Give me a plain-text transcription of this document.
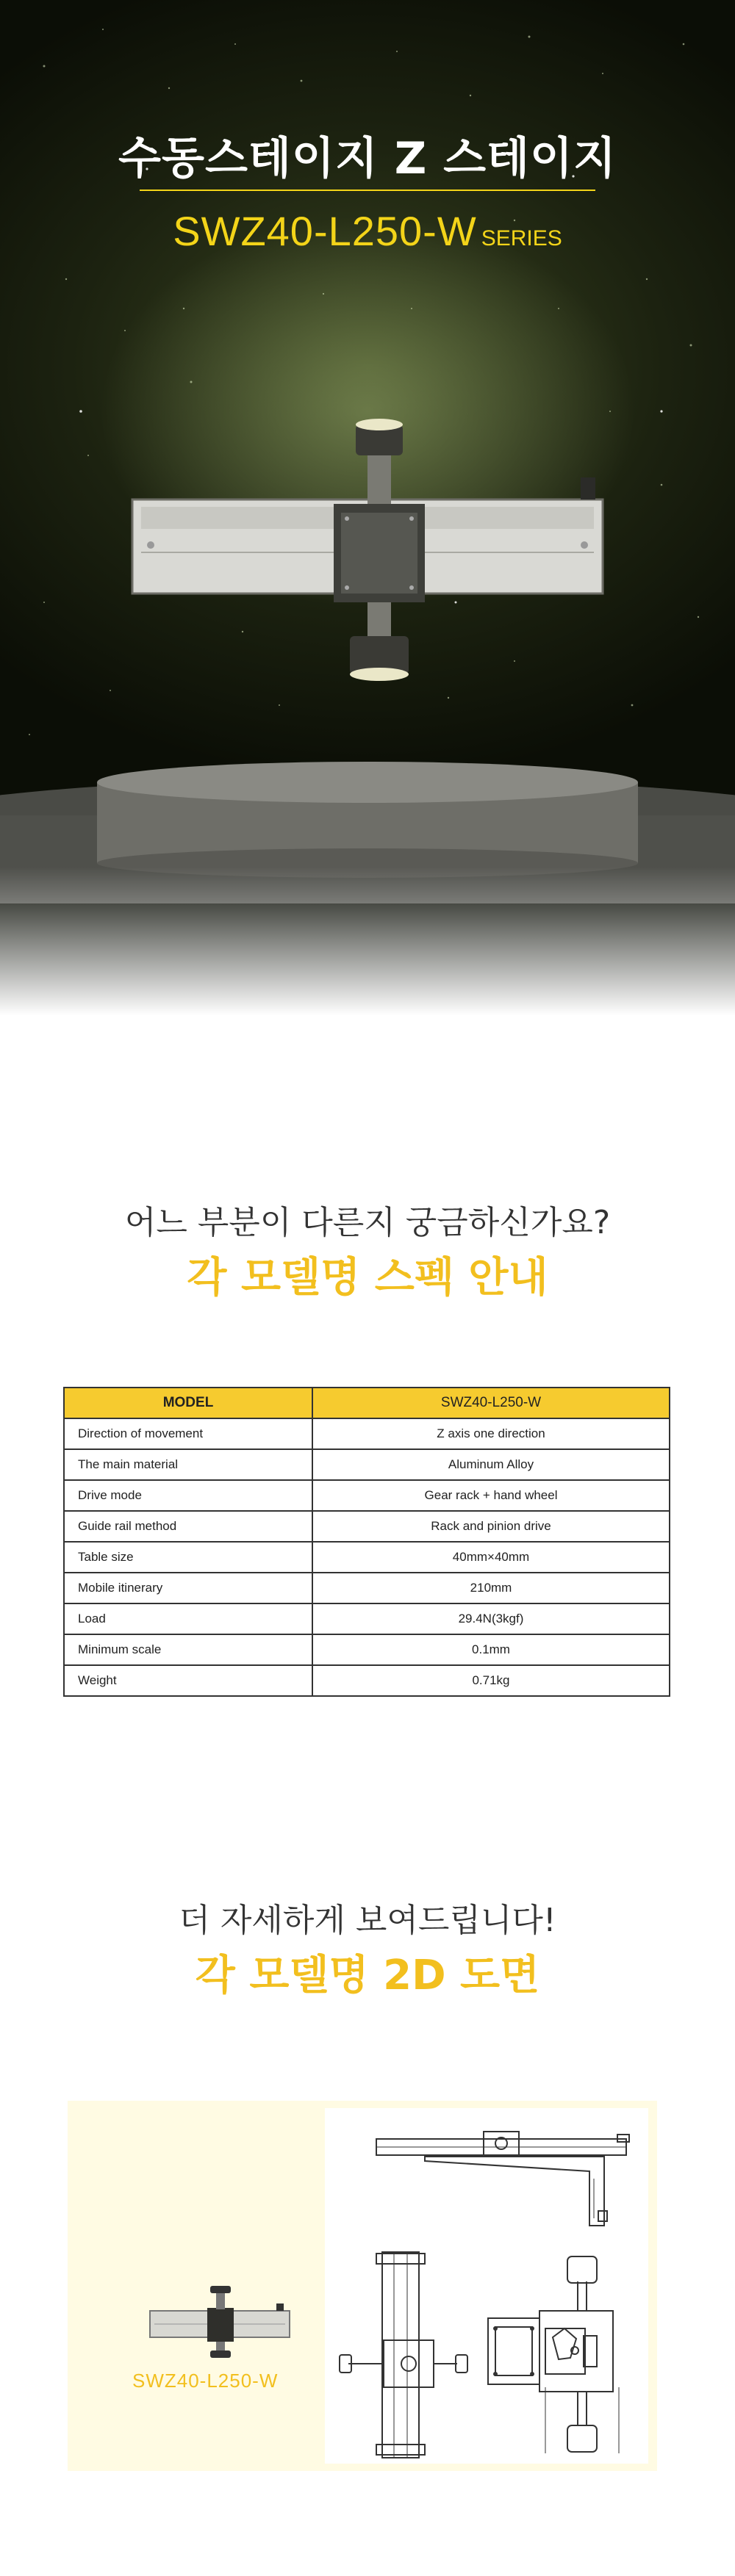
수동스테이지 Z 스테이지
SWZ40-L250-W SERIES
어느 부분이 다른지 궁금하신가요?
각 모델명 스펙 안내
MODEL	SWZ40-L250-W
Direction of movement	Z axis one direction
The main material	Aluminum Alloy
Drive mode	Gear rack + hand wheel
Guide rail method	Rack and pinion drive
Table size	40mm×40mm
Mobile itinerary	210mm
Load	29.4N(3kgf)
Minimum scale	0.1mm
Weight	0.71kg
더 자세하게 보여드립니다!
각 모델명 2D 도면
SWZ40-L250-W
